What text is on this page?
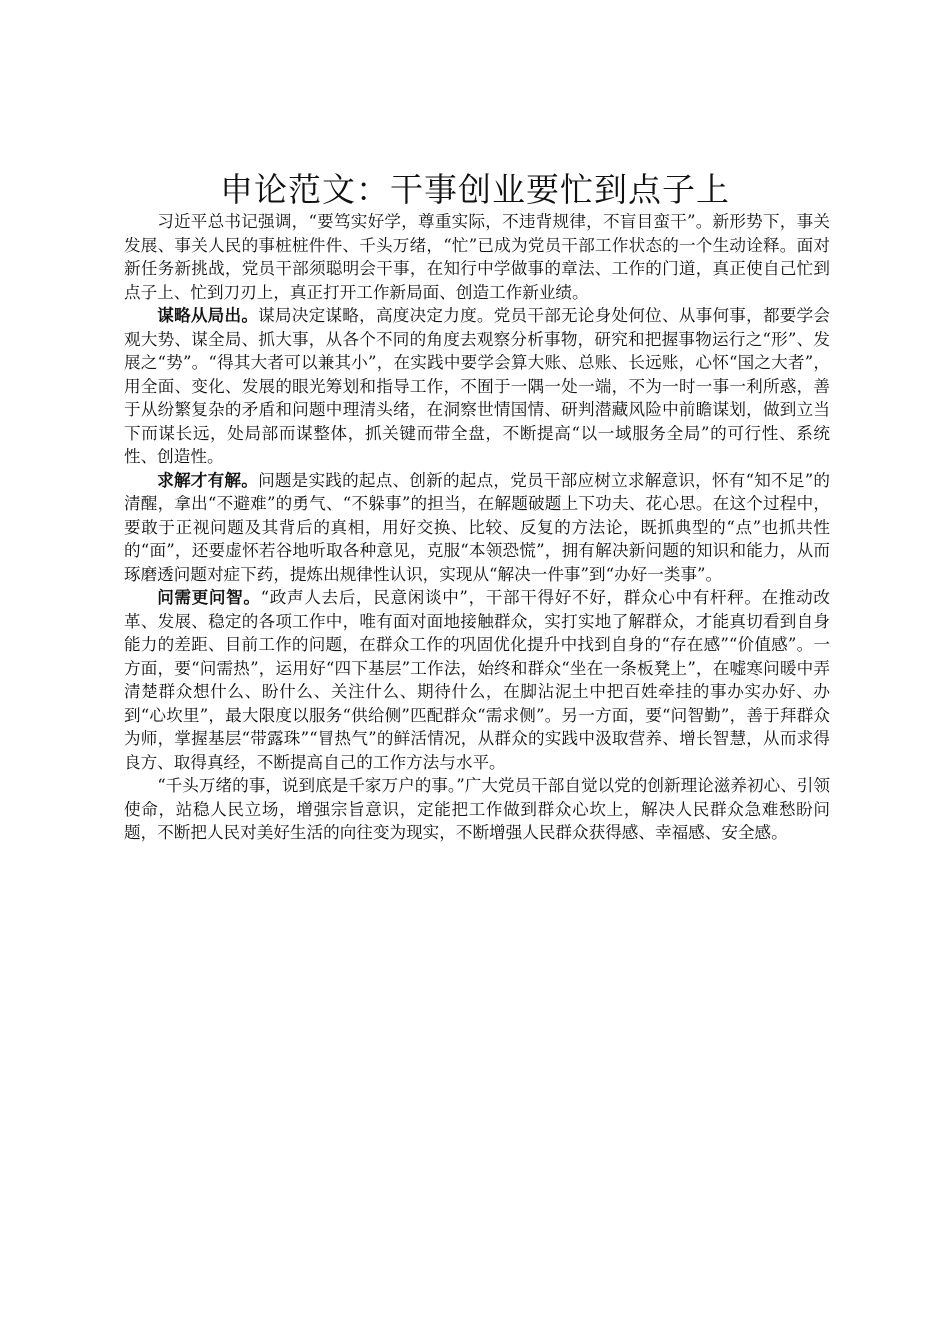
申论范文：干事创业要忙到点子上

习近平总书记强调，“要笃实好学，尊重实际，不违背规律，不盲目蛮干”。新形势下，事关发展、事关人民的事桩桩件件、千头万绪，“忙”已成为党员干部工作状态的一个生动诠释。面对新任务新挑战，党员干部须聪明会干事，在知行中学做事的章法、工作的门道，真正使自己忙到点子上、忙到刀刃上，真正打开工作新局面、创造工作新业绩。

谋略从局出。谋局决定谋略，高度决定力度。党员干部无论身处何位、从事何事，都要学会观大势、谋全局、抓大事，从各个不同的角度去观察分析事物，研究和把握事物运行之“形”、发展之“势”。“得其大者可以兼其小”，在实践中要学会算大账、总账、长远账，心怀“国之大者”，用全面、变化、发展的眼光筹划和指导工作，不囿于一隅一处一端，不为一时一事一利所惑，善于从纷繁复杂的矛盾和问题中理清头绪，在洞察世情国情、研判潜藏风险中前瞻谋划，做到立当下而谋长远，处局部而谋整体，抓关键而带全盘，不断提高“以一域服务全局”的可行性、系统性、创造性。

求解才有解。问题是实践的起点、创新的起点，党员干部应树立求解意识，怀有“知不足”的清醒，拿出“不避难”的勇气、“不躲事”的担当，在解题破题上下功夫、花心思。在这个过程中，要敢于正视问题及其背后的真相，用好交换、比较、反复的方法论，既抓典型的“点”也抓共性的“面”，还要虚怀若谷地听取各种意见，克服“本领恐慌”，拥有解决新问题的知识和能力，从而琢磨透问题对症下药，提炼出规律性认识，实现从“解决一件事”到“办好一类事”。

问需更问智。“政声人去后，民意闲谈中”，干部干得好不好，群众心中有杆秤。在推动改革、发展、稳定的各项工作中，唯有面对面地接触群众，实打实地了解群众，才能真切看到自身能力的差距、目前工作的问题，在群众工作的巩固优化提升中找到自身的“存在感”“价值感”。一方面，要“问需热”，运用好“四下基层”工作法，始终和群众“坐在一条板凳上”，在嘘寒问暖中弄清楚群众想什么、盼什么、关注什么、期待什么，在脚沾泥土中把百姓牵挂的事办实办好、办到“心坎里”，最大限度以服务“供给侧”匹配群众“需求侧”。另一方面，要“问智勤”，善于拜群众为师，掌握基层“带露珠”“冒热气”的鲜活情况，从群众的实践中汲取营养、增长智慧，从而求得良方、取得真经，不断提高自己的工作方法与水平。

“千头万绪的事，说到底是千家万户的事。”广大党员干部自觉以党的创新理论滋养初心、引领使命，站稳人民立场，增强宗旨意识，定能把工作做到群众心坎上，解决人民群众急难愁盼问题，不断把人民对美好生活的向往变为现实，不断增强人民群众获得感、幸福感、安全感。
